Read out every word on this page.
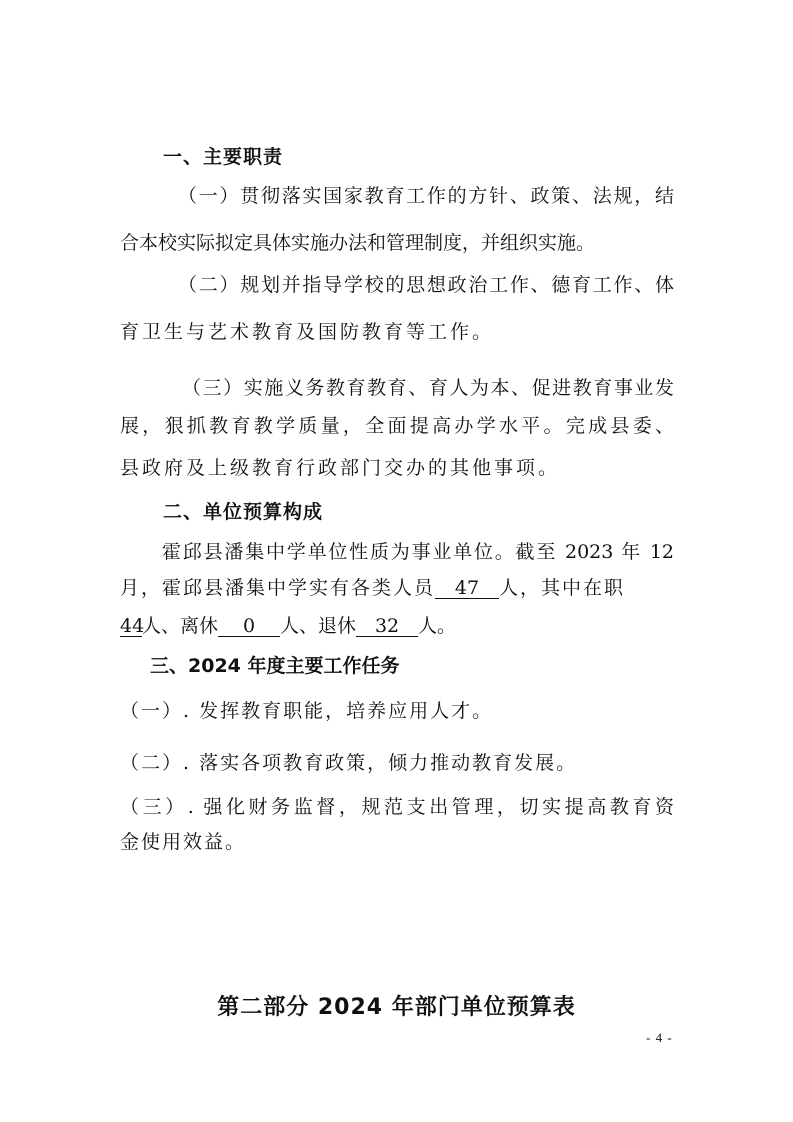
一、主要职责
（一）贯彻落实国家教育工作的方针、政策、法规，结
合本校实际拟定具体实施办法和管理制度，并组织实施。
（二）规划并指导学校的思想政治工作、德育工作、体
育卫生与艺术教育及国防教育等工作。
（三）实施义务教育教育、育人为本、促进教育事业发
展，狠抓教育教学质量，全面提高办学水平。完成县委、
县政府及上级教育行政部门交办的其他事项。
二、单位预算构成
霍邱县潘集中学单位性质为事业单位。截至 2023 年 12
月，霍邱县潘集中学实有各类人员 47 人，其中在职
44人、离休 0 人、退休 32 人。
三、2024 年度主要工作任务
（一）. 发挥教育职能，培养应用人才。
（二）. 落实各项教育政策，倾力推动教育发展。
（三）. 强化财务监督，规范支出管理，切实提高教育资
金使用效益。
第二部分 2024 年部门单位预算表
- 4 -
